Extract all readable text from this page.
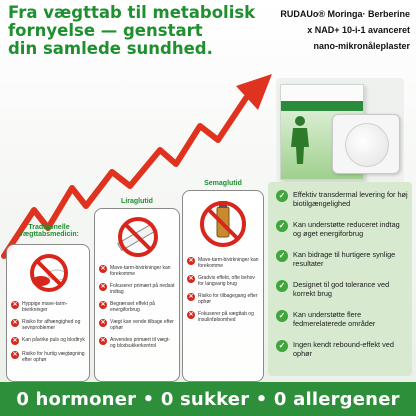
Fra vægttab til metabolisk
fornyelse — genstart
din samlede sundhed.
RUDAUo® Moringa· Berberine
x NAD+ 10-i-1 avanceret
nano-mikronåleplaster
Traditionelle
vægttabsmedicin:
✕ Hyppige mave-tarm-bivirkninger
✕ Risiko for afhængighed og sevnproblemer
✕ Kan påvirke puls og blodtryk
✕ Risiko for hurtig vægtøgning efter ophør
Liraglutid
✕ Mave-tarm-bivirkninger kan forekomme
✕ Fokuserer primært på nedsat indtag
✕ Begrænset effekt på energiforbrug
✕ Vægt kan vende tilbage efter ophør
✕ Anvendes primært til vægt- og blodsukkerkontrol
Semaglutid
✕ Mave-tarm-bivirkninger kan forekomme
✕ Gradvis effekt, ofte behov for langvarig brug
✕ Risiko for tilbagegang efter ophør
✕ Fokuserer på vægttab og insulinfølsomhed
✓	Effektiv transdermal levering for høj biotilgængelighed
✓	Kan understøtte reduceret indtag og øget energiforbrug
✓	Kan bidrage til hurtigere synlige resultater
✓	Designet til god tolerance ved korrekt brug
✓	Kan understøtte flere fedmerelaterede områder
✓	Ingen kendt rebound-effekt ved ophør
0 hormoner • 0 sukker • 0 allergener
